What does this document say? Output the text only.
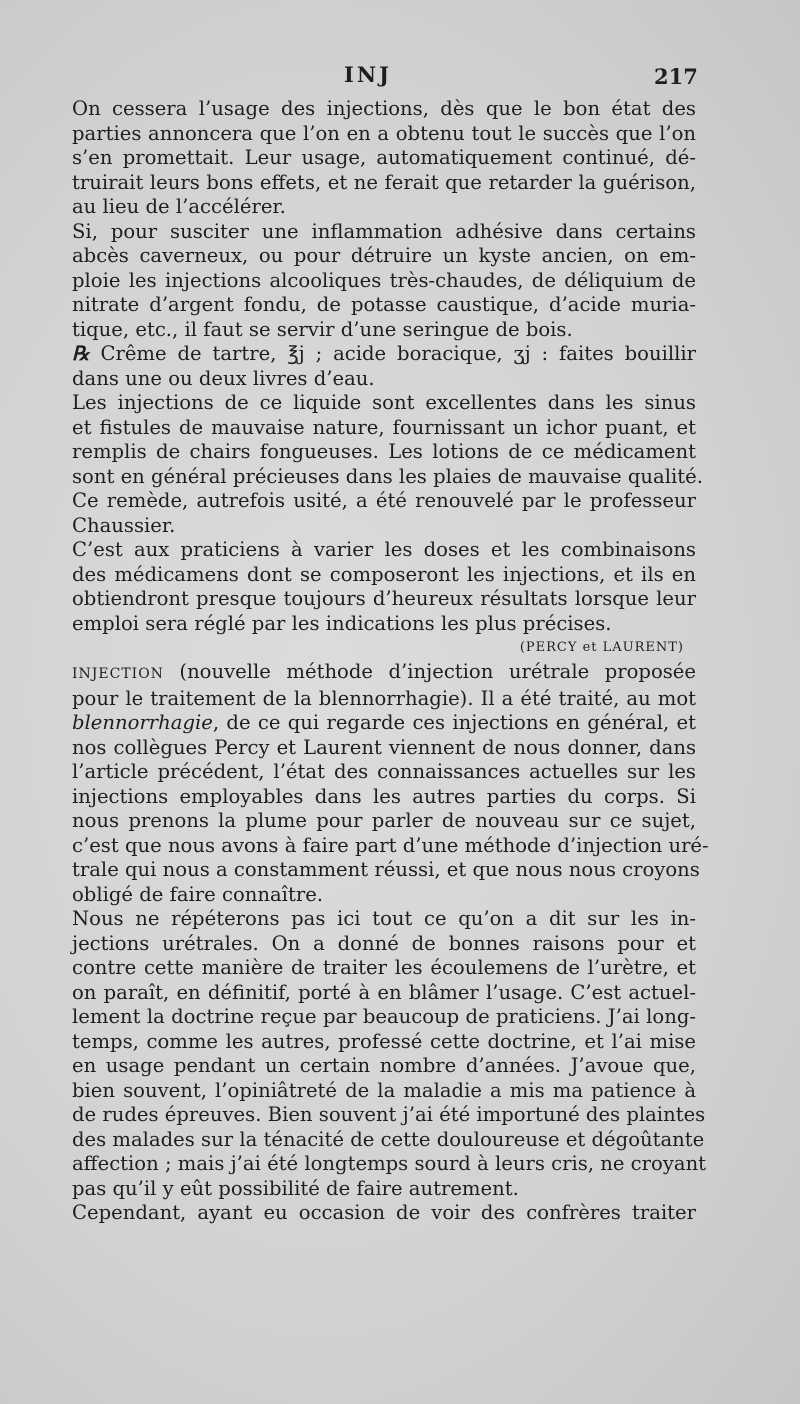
INJ	217

On cessera l’usage des injections, dès que le bon état des
parties annoncera que l’on en a obtenu tout le succès que l’on
s’en promettait. Leur usage, automatiquement continué, dé-
truirait leurs bons effets, et ne ferait que retarder la guérison,
au lieu de l’accélérer.

Si, pour susciter une inflammation adhésive dans certains
abcès caverneux, ou pour détruire un kyste ancien, on em-
ploie les injections alcooliques très-chaudes, de déliquium de
nitrate d’argent fondu, de potasse caustique, d’acide muria-
tique, etc., il faut se servir d’une seringue de bois.

℞ Crême de tartre, ℥j ; acide boracique, ʒj : faites bouillir
dans une ou deux livres d’eau.

Les injections de ce liquide sont excellentes dans les sinus
et fistules de mauvaise nature, fournissant un ichor puant, et
remplis de chairs fongueuses. Les lotions de ce médicament
sont en général précieuses dans les plaies de mauvaise qualité.
Ce remède, autrefois usité, a été renouvelé par le professeur
Chaussier.

C’est aux praticiens à varier les doses et les combinaisons
des médicamens dont se composeront les injections, et ils en
obtiendront presque toujours d’heureux résultats lorsque leur
emploi sera réglé par les indications les plus précises.

(PERCY et LAURENT)

INJECTION (nouvelle méthode d’injection urétrale proposée
pour le traitement de la blennorrhagie). Il a été traité, au mot
blennorrhagie, de ce qui regarde ces injections en général, et
nos collègues Percy et Laurent viennent de nous donner, dans
l’article précédent, l’état des connaissances actuelles sur les
injections employables dans les autres parties du corps. Si
nous prenons la plume pour parler de nouveau sur ce sujet,
c’est que nous avons à faire part d’une méthode d’injection uré-
trale qui nous a constamment réussi, et que nous nous croyons
obligé de faire connaître.

Nous ne répéterons pas ici tout ce qu’on a dit sur les in-
jections urétrales. On a donné de bonnes raisons pour et
contre cette manière de traiter les écoulemens de l’urètre, et
on paraît, en définitif, porté à en blâmer l’usage. C’est actuel-
lement la doctrine reçue par beaucoup de praticiens. J’ai long-
temps, comme les autres, professé cette doctrine, et l’ai mise
en usage pendant un certain nombre d’années. J’avoue que,
bien souvent, l’opiniâtreté de la maladie a mis ma patience à
de rudes épreuves. Bien souvent j’ai été importuné des plaintes
des malades sur la ténacité de cette douloureuse et dégoûtante
affection ; mais j’ai été longtemps sourd à leurs cris, ne croyant
pas qu’il y eût possibilité de faire autrement.

Cependant, ayant eu occasion de voir des confrères traiter
